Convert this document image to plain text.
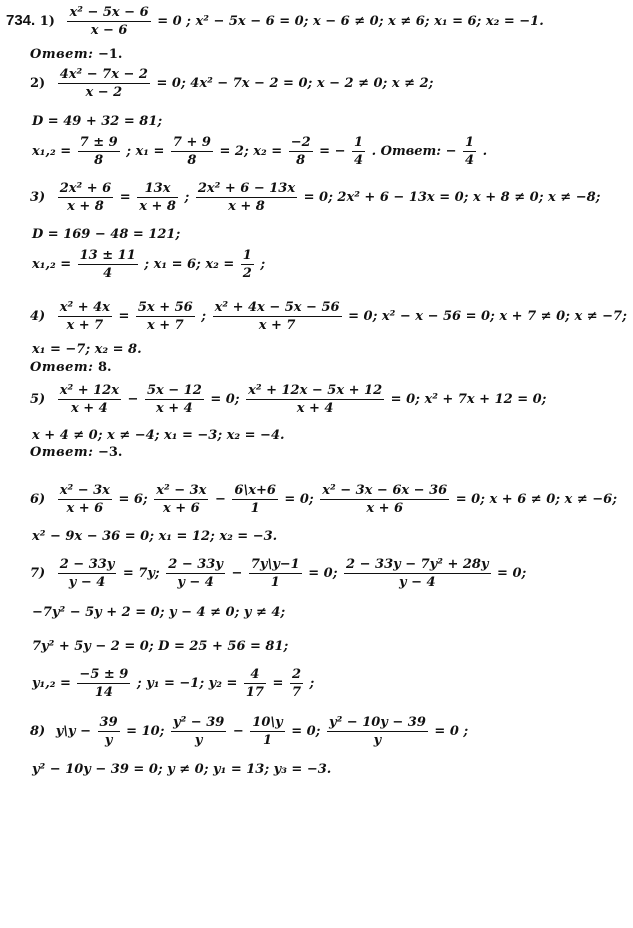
734. $1) \frac{\text{x² − 5x − 6}}{x - 6} = 0$ ; x² − 5x − 6 = 0; x − 6 ≠ 0; x ≠ 6; x₁ = 6; x₂ = −1.
Ответ: −1.
$2) \frac{\text{4x² − 7x − 2}}{x - 2} = 0$; 4x² − 7x − 2 = 0; x − 2 ≠ 0; x ≠ 2;
D = 49 + 32 = 81;
$x_1,_2 = \frac{7 \pm 9}{8}$ ; $x_1 = \frac{7 + 9}{8} = 2$; $x_2 = \frac{-2}{8}$ = − $\frac{1}{4}$ . Ответ: − $\frac{1}{4}$ .
$3) \frac{\text{2x² + 6}}{x + 8} = \frac{13x}{x + 8}$ ; $\frac{\text{2x² + 6 − 13x}}{x + 8} = 0$; 2x² + 6 − 13x = 0; x + 8 ≠ 0; x ≠ −8;
D = 169 − 48 = 121;
$x_1,_2 = \frac{13 \pm 11}{4}$ ; x₁ = 6; $x_2 = \frac{1}{2}$ ;
$4) \frac{\text{x² + 4x}}{x + 7} = \frac{5x + 56}{x + 7}$ ; $\frac{\text{x² + 4x − 5x − 56}}{x + 7} = 0$; x² − x − 56 = 0; x + 7 ≠ 0; x ≠ −7;
x₁ = −7; x₂ = 8.
Ответ: 8.
$5) \frac{\text{x² + 12x}}{x + 4} - \frac{5x - 12}{x + 4} = 0$; $\frac{\text{x² + 12x − 5x + 12}}{x + 4} = 0$; x² + 7x + 12 = 0;
x + 4 ≠ 0; x ≠ −4; x₁ = −3; x₂ = −4.
Ответ: −3.
$6) \frac{\text{x² − 3x}}{x + 6} = 6$; $\frac{\text{x² − 3x}}{x + 6} - \frac{6\backslash x+6}{1} = 0$; $\frac{\text{x² − 3x − 6x − 36}}{x + 6} = 0$; x + 6 ≠ 0; x ≠ −6;
x² − 9x − 36 = 0; x₁ = 12; x₂ = −3.
$7) \frac{2 - 33y}{y - 4} = 7y$; $\frac{2 - 33y}{y - 4} - \frac{7y\backslash y-1}{1} = 0$; $\frac{\text{2 − 33y − 7y² + 28y}}{y - 4} = 0$;
−7y² − 5y + 2 = 0; y − 4 ≠ 0; y ≠ 4;
7y² + 5y − 2 = 0; D = 25 + 56 = 81;
$y_1,_2 = \frac{-5 \pm 9}{14}$ ; y₁ = −1; $y_2 = \frac{4}{17} = \frac{2}{7}$ ;
8) y\y − $\frac{39}{y} = 10$; $\frac{\text{y² − 39}}{y} - \frac{10\backslash y}{1} = 0$; $\frac{\text{y² − 10y − 39}}{y} = 0$ ;
y² − 10y − 39 = 0; y ≠ 0; y₁ = 13; y₃ = −3.
